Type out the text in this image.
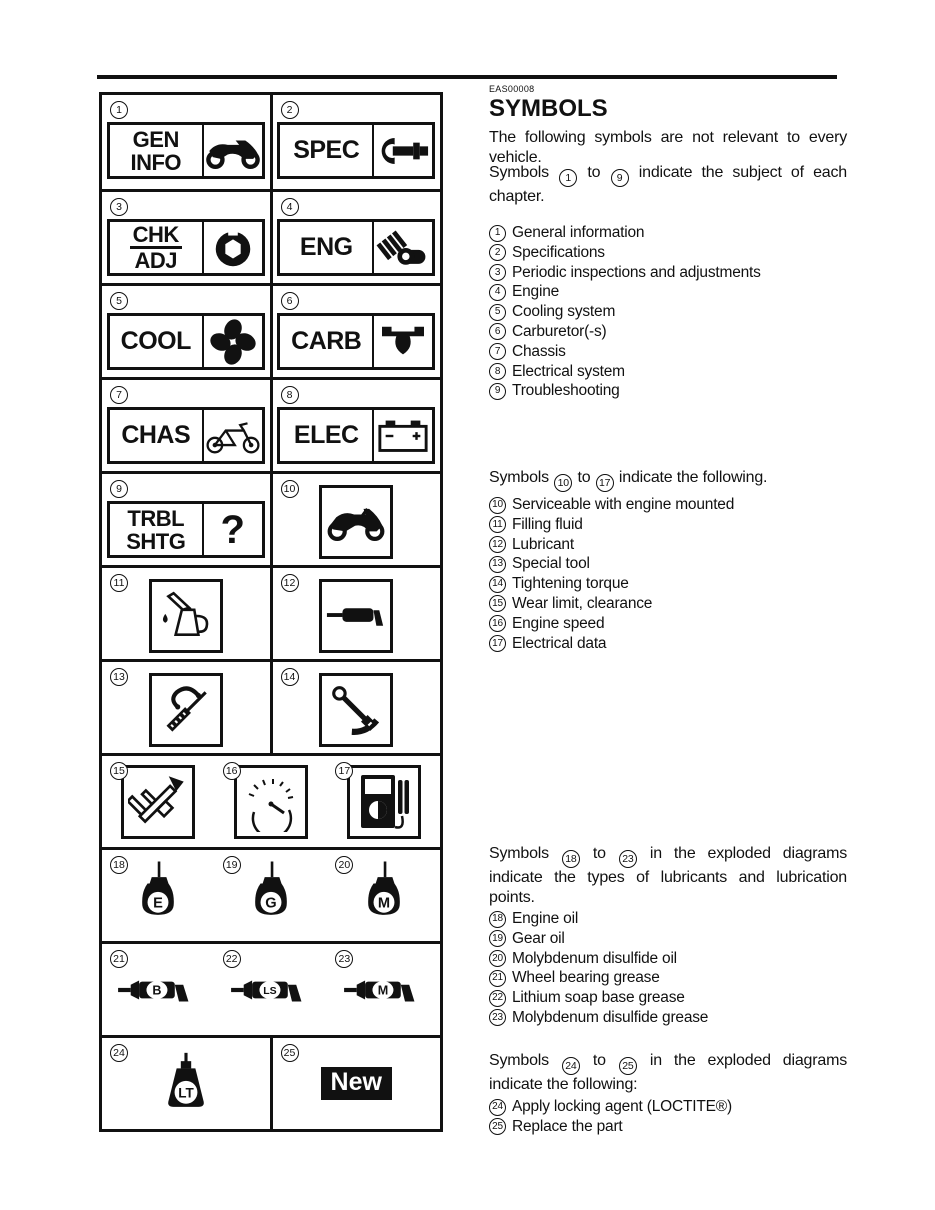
1
GEN
INFO
2
SPEC
3
CHK
ADJ
4
ENG
5
COOL
6
CARB
7
CHAS
8
ELEC
9
TRBL
SHTG ?
10
11	12
13	14
15	16	17
18
E
19
G
20
M
21
B
22
LS
23
M
24
LT
25
New
EAS00008
SYMBOLS

The following symbols are not relevant to every vehicle.

Symbols 1 to 9 indicate the subject of each chapter.

1 General information
2 Specifications
3 Periodic inspections and adjustments
4 Engine
5 Cooling system
6 Carburetor(-s)
7 Chassis
8 Electrical system
9 Troubleshooting

Symbols 10 to 17 indicate the following.

10 Serviceable with engine mounted
11 Filling fluid
12 Lubricant
13 Special tool
14 Tightening torque
15 Wear limit, clearance
16 Engine speed
17 Electrical data

Symbols 18 to 23 in the exploded diagrams indicate the types of lubricants and lubrication points.

18 Engine oil
19 Gear oil
20 Molybdenum disulfide oil
21 Wheel bearing grease
22 Lithium soap base grease
23 Molybdenum disulfide grease

Symbols 24 to 25 in the exploded diagrams indicate the following:

24 Apply locking agent (LOCTITE®)
25 Replace the part
